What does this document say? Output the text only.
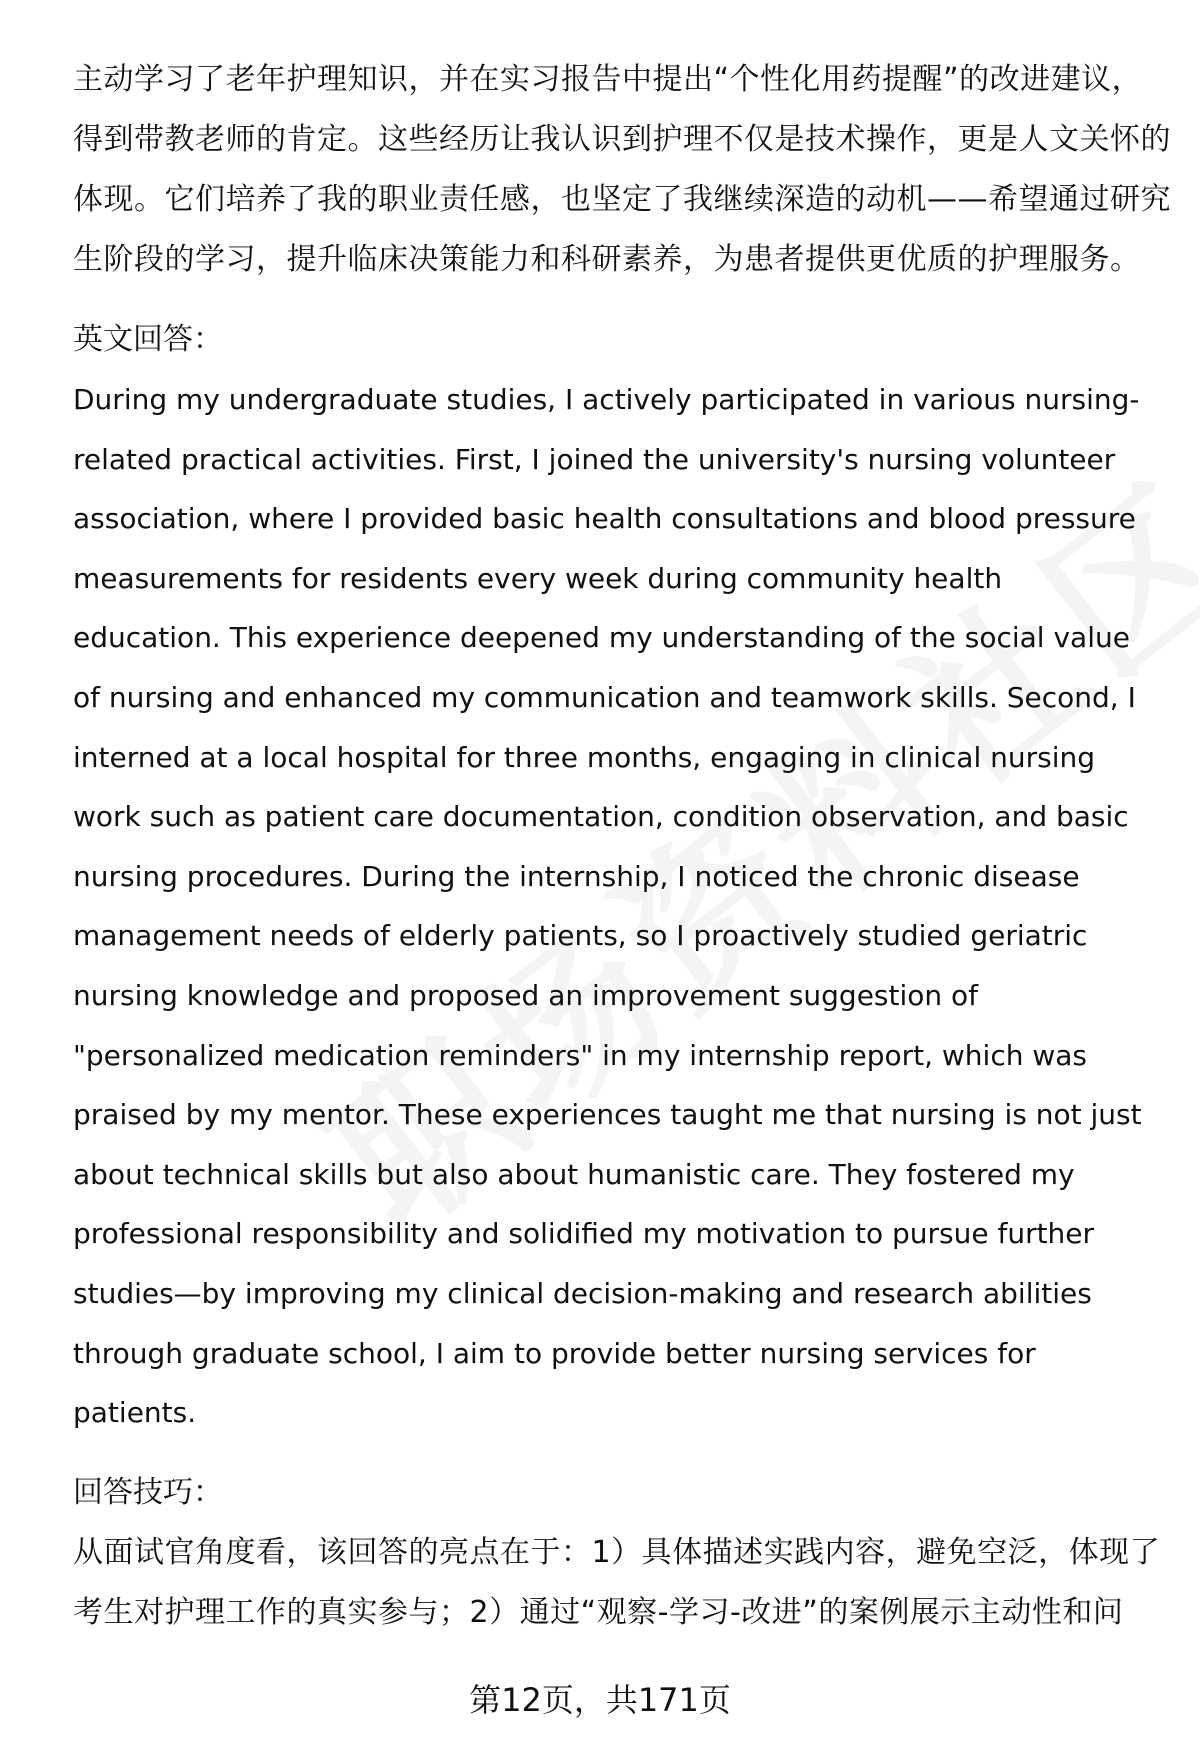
主动学习了老年护理知识，并在实习报告中提出“个性化用药提醒”的改进建议，
得到带教老师的肯定。这些经历让我认识到护理不仅是技术操作，更是人文关怀的
体现。它们培养了我的职业责任感，也坚定了我继续深造的动机——希望通过研究
生阶段的学习，提升临床决策能力和科研素养，为患者提供更优质的护理服务。
英文回答：
During my undergraduate studies, I actively participated in various nursing-
related practical activities. First, I joined the university's nursing volunteer
association, where I provided basic health consultations and blood pressure
measurements for residents every week during community health
education. This experience deepened my understanding of the social value
of nursing and enhanced my communication and teamwork skills. Second, I
interned at a local hospital for three months, engaging in clinical nursing
work such as patient care documentation, condition observation, and basic
nursing procedures. During the internship, I noticed the chronic disease
management needs of elderly patients, so I proactively studied geriatric
nursing knowledge and proposed an improvement suggestion of
"personalized medication reminders" in my internship report, which was
praised by my mentor. These experiences taught me that nursing is not just
about technical skills but also about humanistic care. They fostered my
professional responsibility and solidified my motivation to pursue further
studies—by improving my clinical decision-making and research abilities
through graduate school, I aim to provide better nursing services for
patients.
回答技巧：
从面试官角度看，该回答的亮点在于：1）具体描述实践内容，避免空泛，体现了
考生对护理工作的真实参与；2）通过“观察-学习-改进”的案例展示主动性和问
第12页，共171页
